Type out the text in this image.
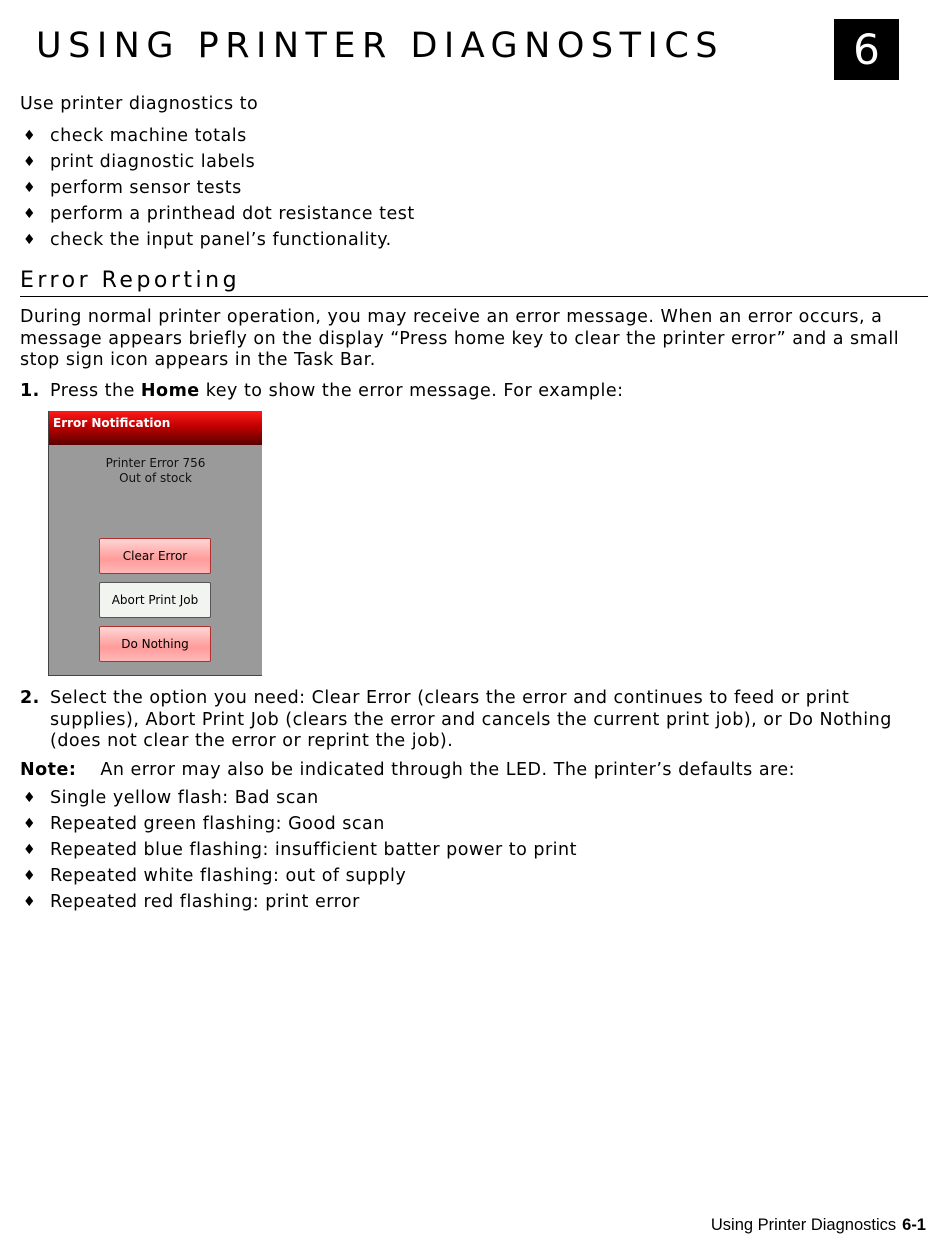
USING PRINTER DIAGNOSTICS	6

Use printer diagnostics to

♦ check machine totals
♦ print diagnostic labels
♦ perform sensor tests
♦ perform a printhead dot resistance test
♦ check the input panel’s functionality.
Error Reporting

During normal printer operation, you may receive an error message. When an error occurs, a message appears briefly on the display “Press home key to clear the printer error” and a small stop sign icon appears in the Task Bar.

1. Press the Home key to show the error message. For example:
Error Notification
Printer Error 756
Out of stock
Clear Error
Abort Print Job
Do Nothing
2. Select the option you need: Clear Error (clears the error and continues to feed or print supplies), Abort Print Job (clears the error and cancels the current print job), or Do Nothing (does not clear the error or reprint the job).
Note: An error may also be indicated through the LED. The printer’s defaults are:
♦ Single yellow flash: Bad scan
♦ Repeated green flashing: Good scan
♦ Repeated blue flashing: insufficient batter power to print
♦ Repeated white flashing: out of supply
♦ Repeated red flashing: print error
Using Printer Diagnostics 6-1
